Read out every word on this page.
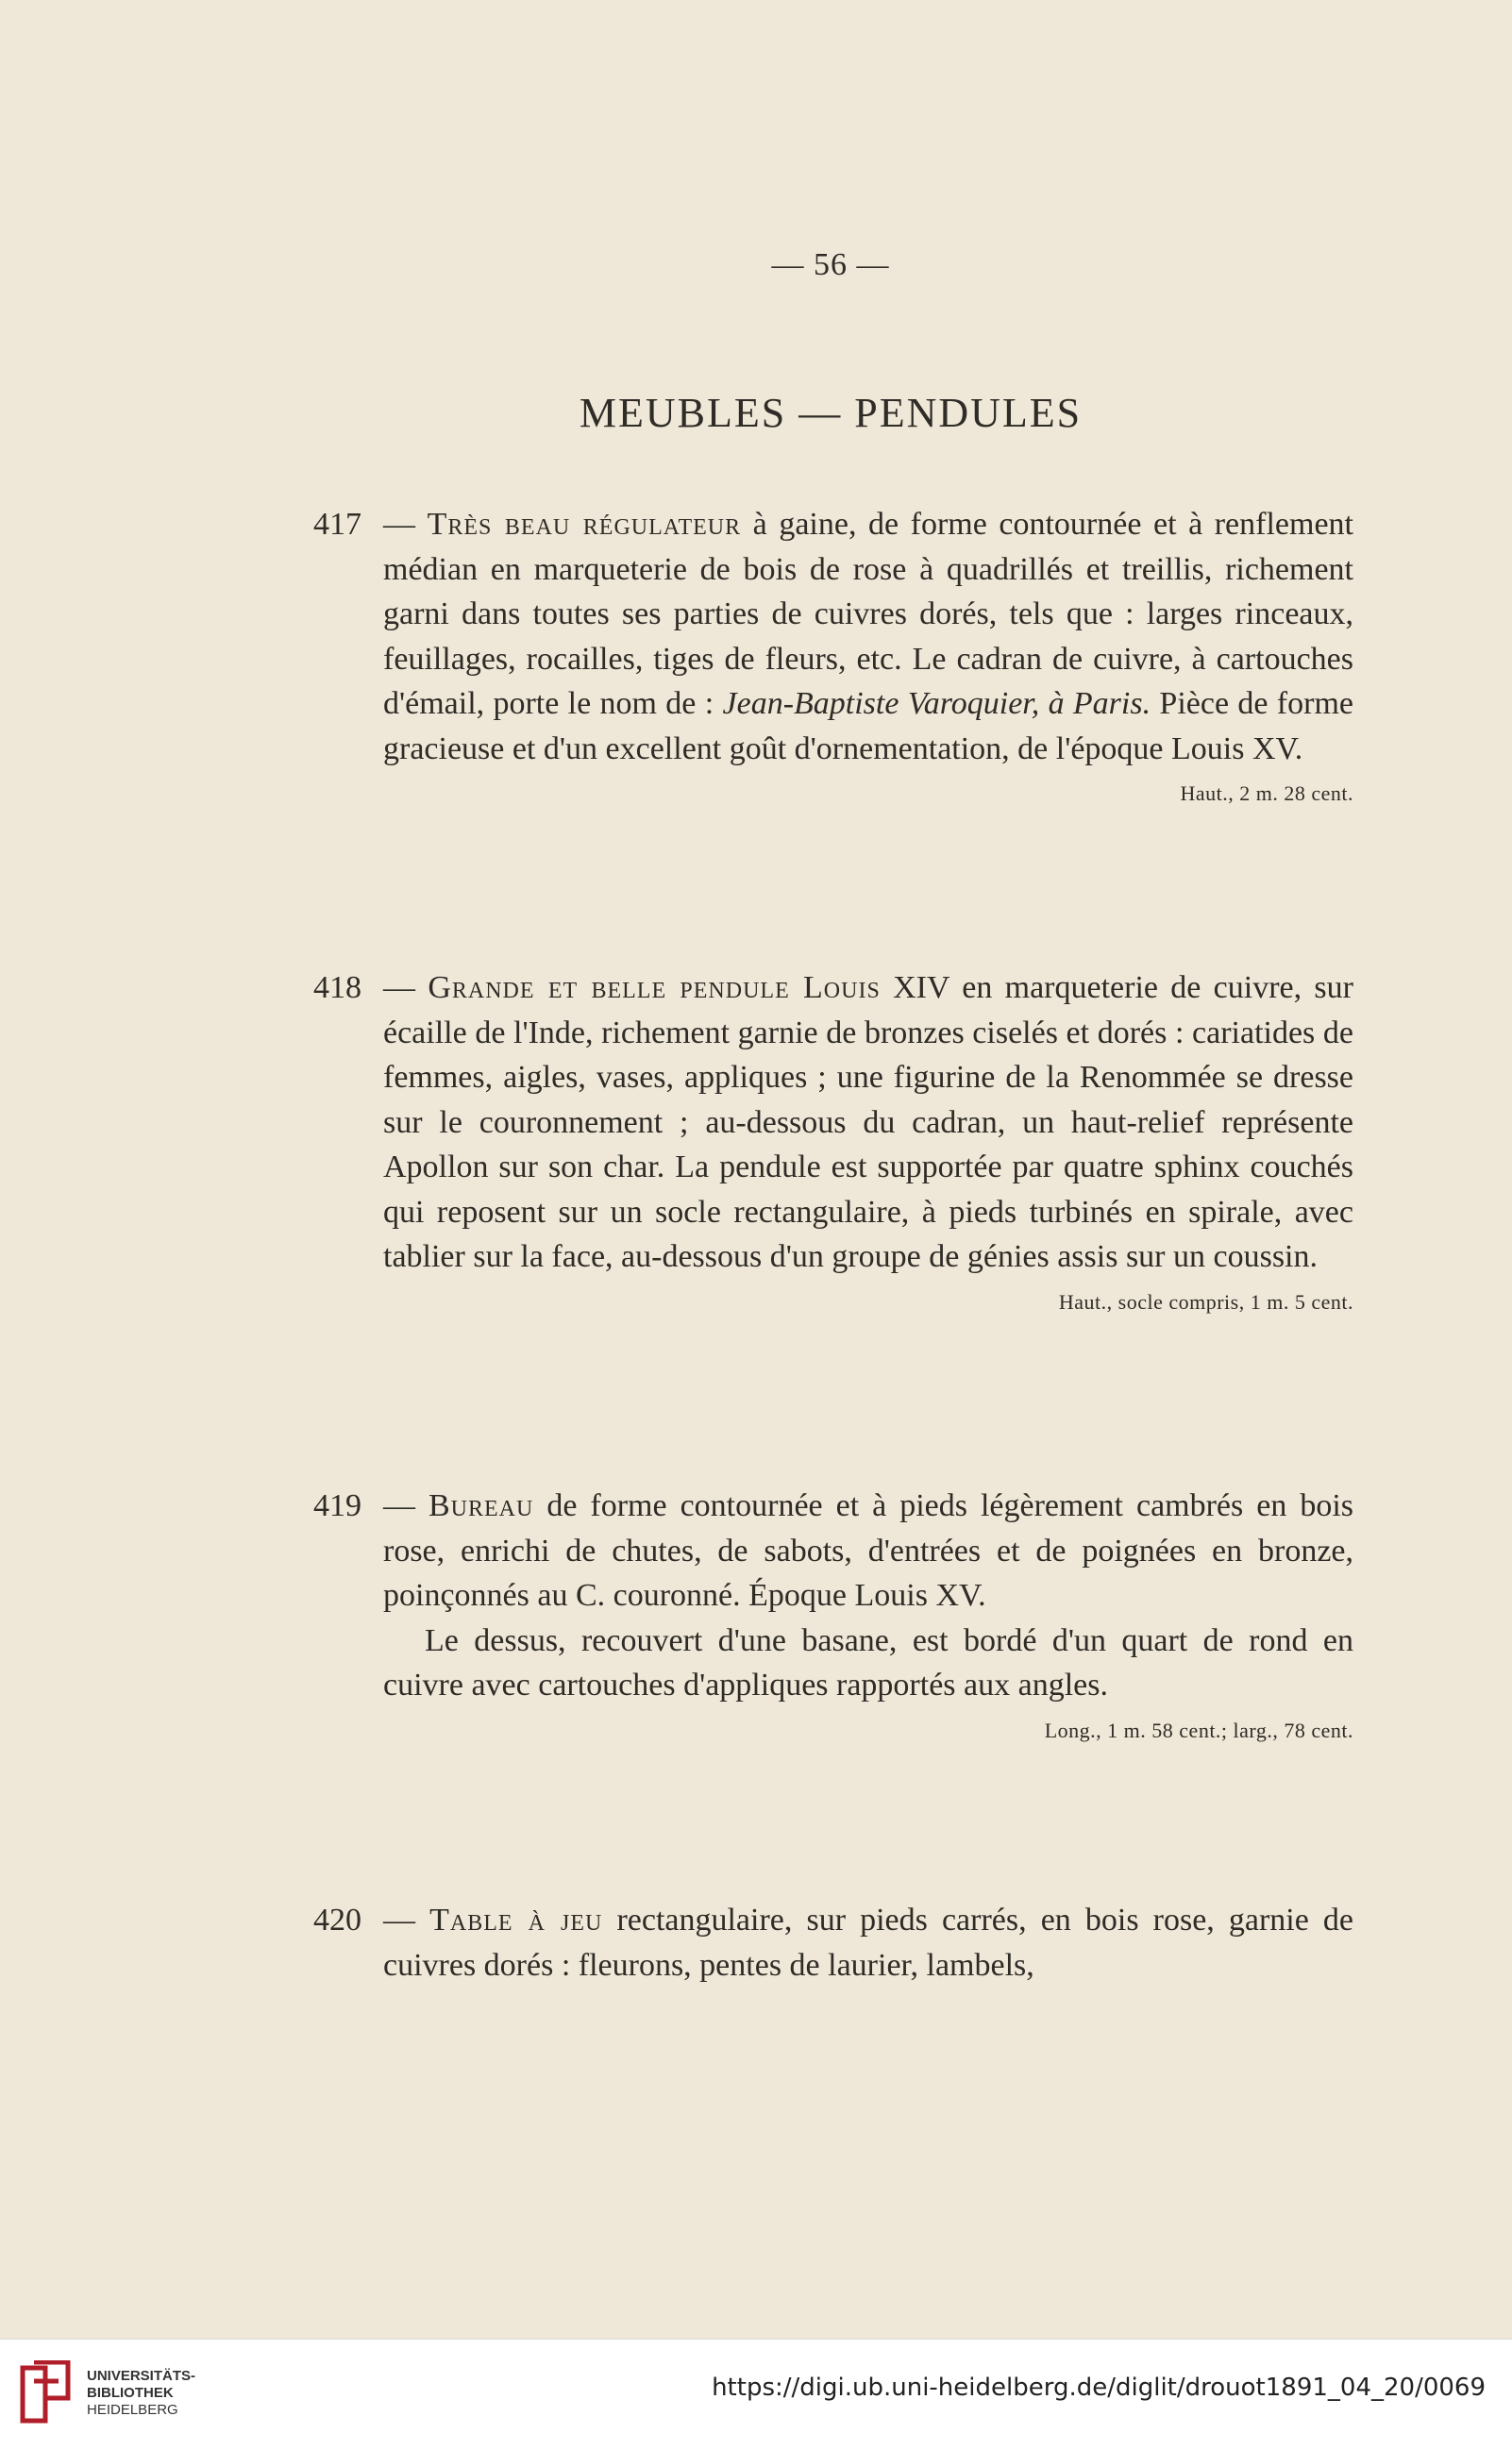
— 56 —
MEUBLES — PENDULES
417 — Très beau régulateur à gaine, de forme contournée et à renflement médian en marqueterie de bois de rose à quadrillés et treillis, richement garni dans toutes ses parties de cuivres dorés, tels que : larges rinceaux, feuillages, rocailles, tiges de fleurs, etc. Le cadran de cuivre, à cartouches d'émail, porte le nom de : Jean-Baptiste Varoquier, à Paris. Pièce de forme gracieuse et d'un excellent goût d'ornementation, de l'époque Louis XV.

Haut., 2 m. 28 cent.
418 — Grande et belle pendule Louis XIV en marqueterie de cuivre, sur écaille de l'Inde, richement garnie de bronzes ciselés et dorés : cariatides de femmes, aigles, vases, appliques ; une figurine de la Renommée se dresse sur le couronnement ; au-dessous du cadran, un haut-relief représente Apollon sur son char. La pendule est supportée par quatre sphinx couchés qui reposent sur un socle rectangulaire, à pieds turbinés en spirale, avec tablier sur la face, au-dessous d'un groupe de génies assis sur un coussin.

Haut., socle compris, 1 m. 5 cent.
419 — Bureau de forme contournée et à pieds légèrement cambrés en bois rose, enrichi de chutes, de sabots, d'entrées et de poignées en bronze, poinçonnés au C. couronné. Époque Louis XV.

Le dessus, recouvert d'une basane, est bordé d'un quart de rond en cuivre avec cartouches d'appliques rapportés aux angles.

Long., 1 m. 58 cent.; larg., 78 cent.
420 — Table à jeu rectangulaire, sur pieds carrés, en bois rose, garnie de cuivres dorés : fleurons, pentes de laurier, lambels,

UNIVERSITÄTS-
BIBLIOTHEK
HEIDELBERG
https://digi.ub.uni-heidelberg.de/diglit/drouot1891_04_20/0069
